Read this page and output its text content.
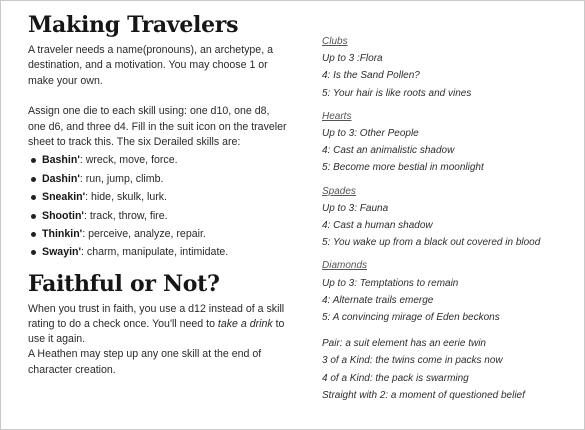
Making Travelers

A traveler needs a name(pronouns), an archetype, a destination, and a motivation. You may choose 1 or make your own.

Assign one die to each skill using: one d10, one d8, one d6, and three d4. Fill in the suit icon on the traveler sheet to track this. The six Derailed skills are:

Bashin': wreck, move, force.
Dashin': run, jump, climb.
Sneakin': hide, skulk, lurk.
Shootin': track, throw, fire.
Thinkin': perceive, analyze, repair.
Swayin': charm, manipulate, intimidate.
Faithful or Not?

When you trust in faith, you use a d12 instead of a skill rating to do a check once. You'll need to take a drink to use it again.

A Heathen may step up any one skill at the end of character creation.

Clubs
Up to 3 :Flora
4: Is the Sand Pollen?
5: Your hair is like roots and vines
Hearts
Up to 3: Other People
4: Cast an animalistic shadow
5: Become more bestial in moonlight
Spades
Up to 3: Fauna
4: Cast a human shadow
5: You wake up from a black out covered in blood
Diamonds
Up to 3: Temptations to remain
4: Alternate trails emerge
5: A convincing mirage of Eden beckons
Pair: a suit element has an eerie twin
3 of a Kind: the twins come in packs now
4 of a Kind: the pack is swarming
Straight with 2: a moment of questioned belief
